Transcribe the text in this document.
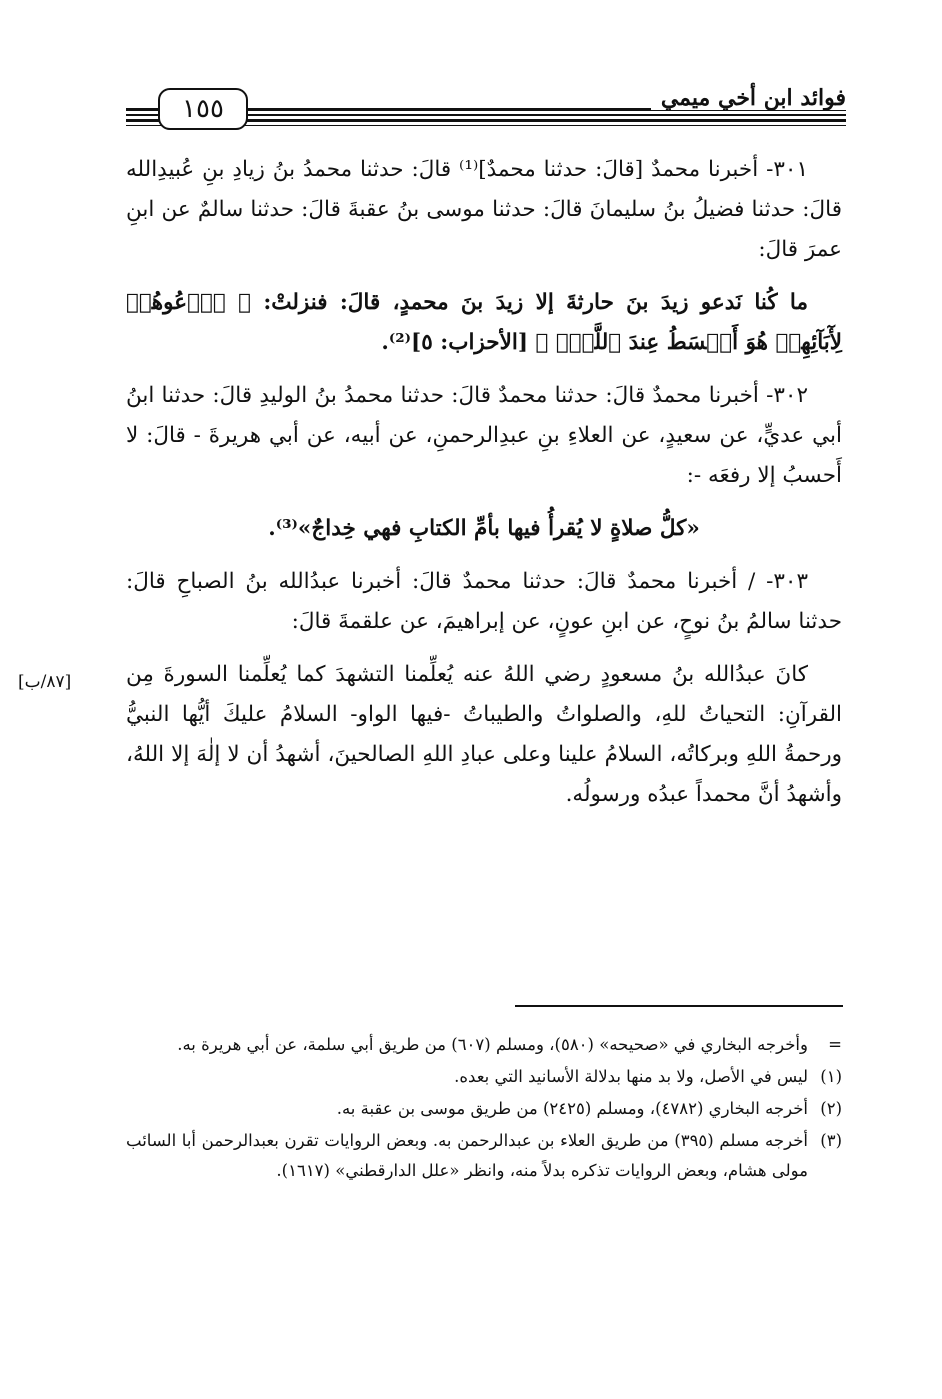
فوائد ابن أخي ميمي
١٥٥

٣٠١- أخبرنا محمدٌ [قالَ: حدثنا محمدٌ]⁽¹⁾ قالَ: حدثنا محمدُ بنُ زيادِ بنِ عُبيدِالله قالَ: حدثنا فضيلُ بنُ سليمانَ قالَ: حدثنا موسى بنُ عقبةَ قالَ: حدثنا سالمٌ عن ابنِ عمرَ قالَ:

ما كُنا نَدعو زيدَ بنَ حارثةَ إلا زيدَ بنَ محمدٍ، قالَ: فنزلتْ: ﴿ ٱدۡعُوهُمۡ لِأٓبَآئِهِمۡ هُوَ أَقۡسَطُ عِندَ ٱللَّهِۚ ﴾ [الأحزاب: ٥]⁽²⁾.

٣٠٢- أخبرنا محمدٌ قالَ: حدثنا محمدٌ قالَ: حدثنا محمدُ بنُ الوليدِ قالَ: حدثنا ابنُ أبي عديٍّ، عن سعيدٍ، عن العلاءِ بنِ عبدِالرحمنِ، عن أبيه، عن أبي هريرةَ - قالَ: لا أَحسبُ إلا رفعَه -:

«كلُّ صلاةٍ لا يُقرأُ فيها بأمِّ الكتابِ فهي خِداجٌ»⁽³⁾.

٣٠٣- / أخبرنا محمدٌ قالَ: حدثنا محمدٌ قالَ: أخبرنا عبدُالله بنُ الصباحِ قالَ: حدثنا سالمُ بنُ نوحٍ، عن ابنِ عونٍ، عن إبراهيمَ، عن علقمةَ قالَ:

كانَ عبدُالله بنُ مسعودٍ رضي اللهُ عنه يُعلِّمنا التشهدَ كما يُعلِّمنا السورةَ مِن القرآنِ: التحياتُ للهِ، والصلواتُ والطيباتُ -فيها الواو- السلامُ عليكَ أيُّها النبيُّ ورحمةُ اللهِ وبركاتُه، السلامُ علينا وعلى عبادِ اللهِ الصالحينَ، أشهدُ أن لا إلٰهَ إلا اللهُ، وأشهدُ أنَّ محمداً عبدُه ورسولُه.

[٨٧/ب]
=
وأخرجه البخاري في «صحيحه» (٥٨٠)، ومسلم (٦٠٧) من طريق أبي سلمة، عن أبي هريرة به.
(١)
ليس في الأصل، ولا بد منها بدلالة الأسانيد التي بعده.
(٢)
أخرجه البخاري (٤٧٨٢)، ومسلم (٢٤٢٥) من طريق موسى بن عقبة به.
(٣)
أخرجه مسلم (٣٩٥) من طريق العلاء بن عبدالرحمن به. وبعض الروايات تقرن بعبدالرحمن أبا السائب مولى هشام، وبعض الروايات تذكره بدلاً منه، وانظر «علل الدارقطني» (١٦١٧).
